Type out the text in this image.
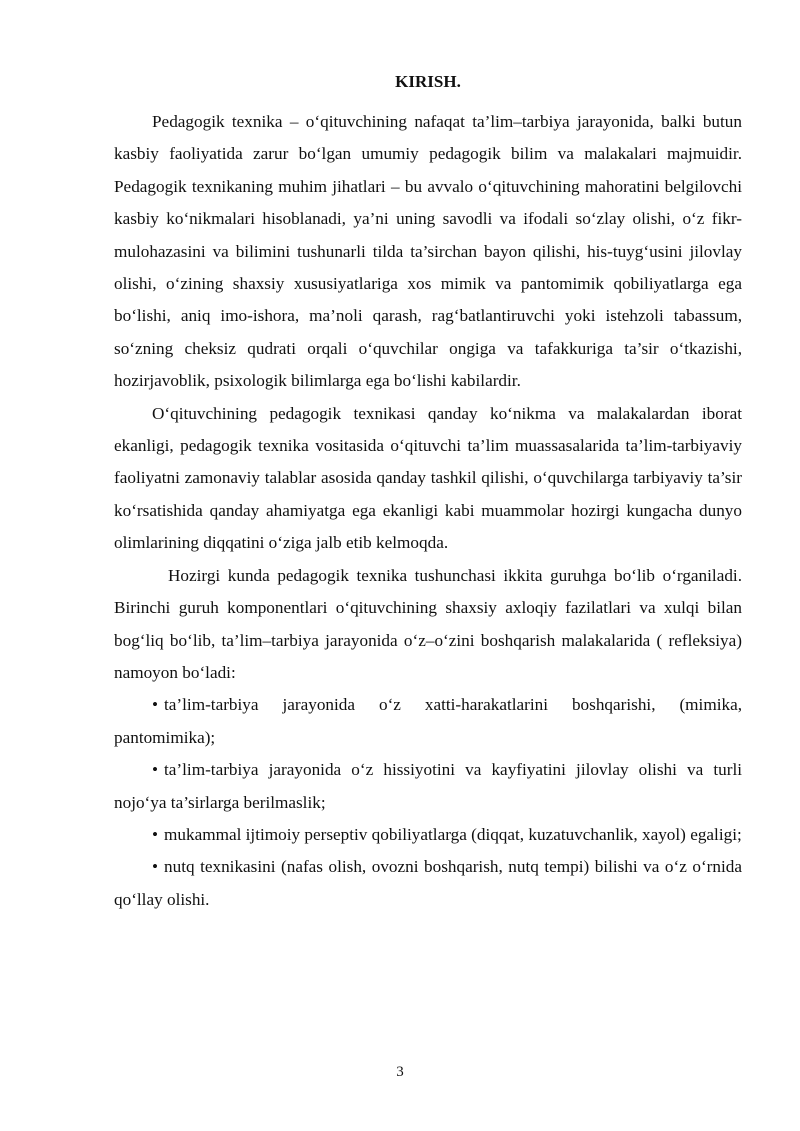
KIRISH.

Pedagogik texnika – o‘qituvchining nafaqat ta’lim–tarbiya jarayonida, balki butun kasbiy faoliyatida zarur bo‘lgan umumiy pedagogik bilim va malakalari majmuidir. Pedagogik texnikaning muhim jihatlari – bu avvalo o‘qituvchining mahoratini belgilovchi kasbiy ko‘nikmalari hisoblanadi, ya’ni uning savodli va ifodali so‘zlay olishi, o‘z fikr-mulohazasini va bilimini tushunarli tilda ta’sirchan bayon qilishi, his-tuyg‘usini jilovlay olishi, o‘zining shaxsiy xususiyatlariga xos mimik va pantomimik qobiliyatlarga ega bo‘lishi, aniq imo-ishora, ma’noli qarash, rag‘batlantiruvchi yoki istehzoli tabassum, so‘zning cheksiz qudrati orqali o‘quvchilar ongiga va tafakkuriga ta’sir o‘tkazishi, hozirjavoblik, psixologik bilimlarga ega bo‘lishi kabilardir.

O‘qituvchining pedagogik texnikasi qanday ko‘nikma va malakalardan iborat ekanligi, pedagogik texnika vositasida o‘qituvchi ta’lim muassasalarida ta’lim-tarbiyaviy faoliyatni zamonaviy talablar asosida qanday tashkil qilishi, o‘quvchilarga tarbiyaviy ta’sir ko‘rsatishida qanday ahamiyatga ega ekanligi kabi muammolar hozirgi kungacha dunyo olimlarining diqqatini o‘ziga jalb etib kelmoqda.

Hozirgi kunda pedagogik texnika tushunchasi ikkita guruhga bo‘lib o‘rganiladi. Birinchi guruh komponentlari o‘qituvchining shaxsiy axloqiy fazilatlari va xulqi bilan bog‘liq bo‘lib, ta’lim–tarbiya jarayonida o‘z–o‘zini boshqarish malakalarida ( refleksiya) namoyon bo‘ladi:

• ta’lim-tarbiya jarayonida o‘z xatti-harakatlarini boshqarishi, (mimika, pantomimika);
• ta’lim-tarbiya jarayonida o‘z hissiyotini va kayfiyatini jilovlay olishi va turli nojo‘ya ta’sirlarga berilmaslik;
• mukammal ijtimoiy perseptiv qobiliyatlarga (diqqat, kuzatuvchanlik, xayol) egaligi;
• nutq texnikasini (nafas olish, ovozni boshqarish, nutq tempi) bilishi va o‘z o‘rnida qo‘llay olishi.
3
